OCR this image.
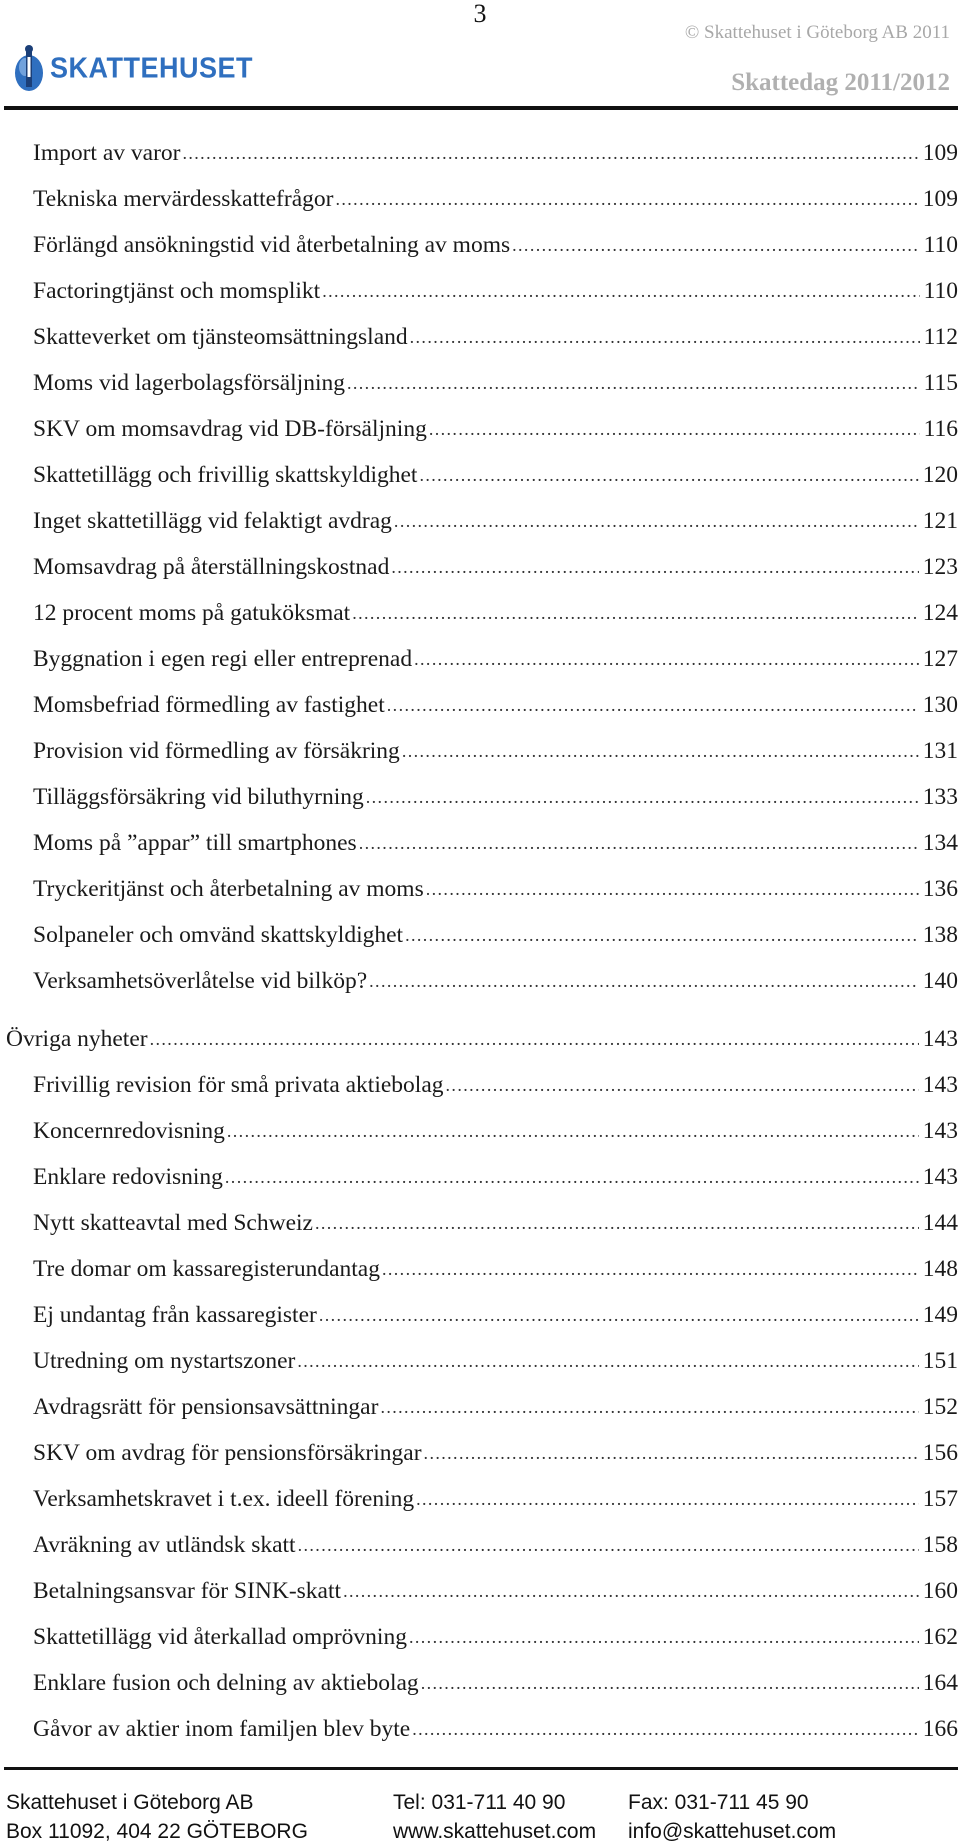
3
SKATTEHUSET
© Skattehuset i Göteborg AB 2011
Skattedag 2011/2012
Import av varor .....	109
Tekniska mervärdesskattefrågor .....	109
Förlängd ansökningstid vid återbetalning av moms .....	110
Factoringtjänst och momsplikt .....	110
Skatteverket om tjänsteomsättningsland .....	112
Moms vid lagerbolagsförsäljning .....	115
SKV om momsavdrag vid DB-försäljning .....	116
Skattetillägg och frivillig skattskyldighet .....	120
Inget skattetillägg vid felaktigt avdrag .....	121
Momsavdrag på återställningskostnad .....	123
12 procent moms på gatuköksmat .....	124
Byggnation i egen regi eller entreprenad .....	127
Momsbefriad förmedling av fastighet .....	130
Provision vid förmedling av försäkring .....	131
Tilläggsförsäkring vid biluthyrning .....	133
Moms på ”appar” till smartphones .....	134
Tryckeritjänst och återbetalning av moms .....	136
Solpaneler och omvänd skattskyldighet .....	138
Verksamhetsöverlåtelse vid bilköp? .....	140
Övriga nyheter .....	143
Frivillig revision för små privata aktiebolag .....	143
Koncernredovisning .....	143
Enklare redovisning .....	143
Nytt skatteavtal med Schweiz .....	144
Tre domar om kassaregisterundantag .....	148
Ej undantag från kassaregister .....	149
Utredning om nystartszoner .....	151
Avdragsrätt för pensionsavsättningar .....	152
SKV om avdrag för pensionsförsäkringar .....	156
Verksamhetskravet i t.ex. ideell förening .....	157
Avräkning av utländsk skatt .....	158
Betalningsansvar för SINK-skatt .....	160
Skattetillägg vid återkallad omprövning .....	162
Enklare fusion och delning av aktiebolag .....	164
Gåvor av aktier inom familjen blev byte .....	166
Skattehuset i Göteborg AB
Box 11092, 404 22 GÖTEBORG
Tel: 031-711 40 90
www.skattehuset.com
Fax: 031-711 45 90
info@skattehuset.com
